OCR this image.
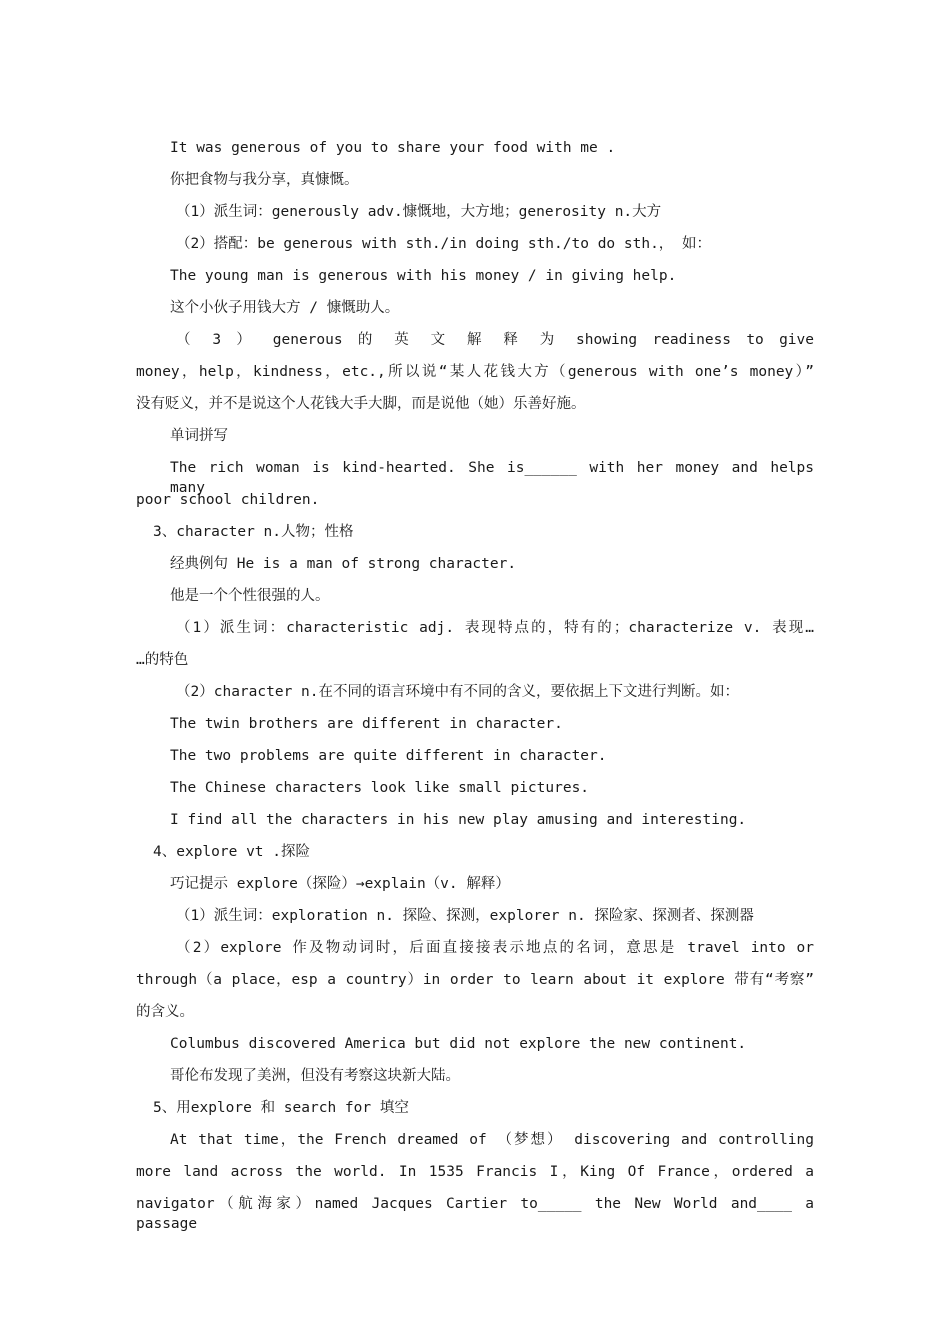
It was generous of you to share your food with me .
你把食物与我分享，真慷慨。
（1）派生词：generously adv.慷慨地，大方地；generosity n.大方
（2）搭配：be generous with sth./in doing sth./to do sth.， 如：
The young man is generous with his money / in giving help.
这个小伙子用钱大方 / 慷慨助人。
（ 3 ） generous 的 英 文 解 释 为 showing readiness to give
money，help，kindness，etc.,所以说“某人花钱大方（generous with one’s money）”
没有贬义，并不是说这个人花钱大手大脚，而是说他（她）乐善好施。
单词拼写
The rich woman is kind-hearted. She is______ with her money and helps many
poor school children.
3、character n.人物；性格
经典例句 He is a man of strong character.
他是一个个性很强的人。
（1）派生词：characteristic adj. 表现特点的，特有的；characterize v. 表现…
…的特色
（2）character n.在不同的语言环境中有不同的含义，要依据上下文进行判断。如：
The twin brothers are different in character.
The two problems are quite different in character.
The Chinese characters look like small pictures.
I find all the characters in his new play amusing and interesting.
4、explore vt .探险
巧记提示 explore（探险）→explain（v. 解释）
（1）派生词：exploration n. 探险、探测，explorer n. 探险家、探测者、探测器
（2）explore 作及物动词时，后面直接接表示地点的名词，意思是 travel into or
through（a place，esp a country）in order to learn about it explore 带有“考察”
的含义。
Columbus discovered America but did not explore the new continent.
哥伦布发现了美洲，但没有考察这块新大陆。
5、用explore 和 search for 填空
At that time，the French dreamed of （梦想） discovering and controlling
more land across the world. In 1535 Francis I，King Of France，ordered a
navigator（航海家）named Jacques Cartier to_____ the New World and____ a passage
